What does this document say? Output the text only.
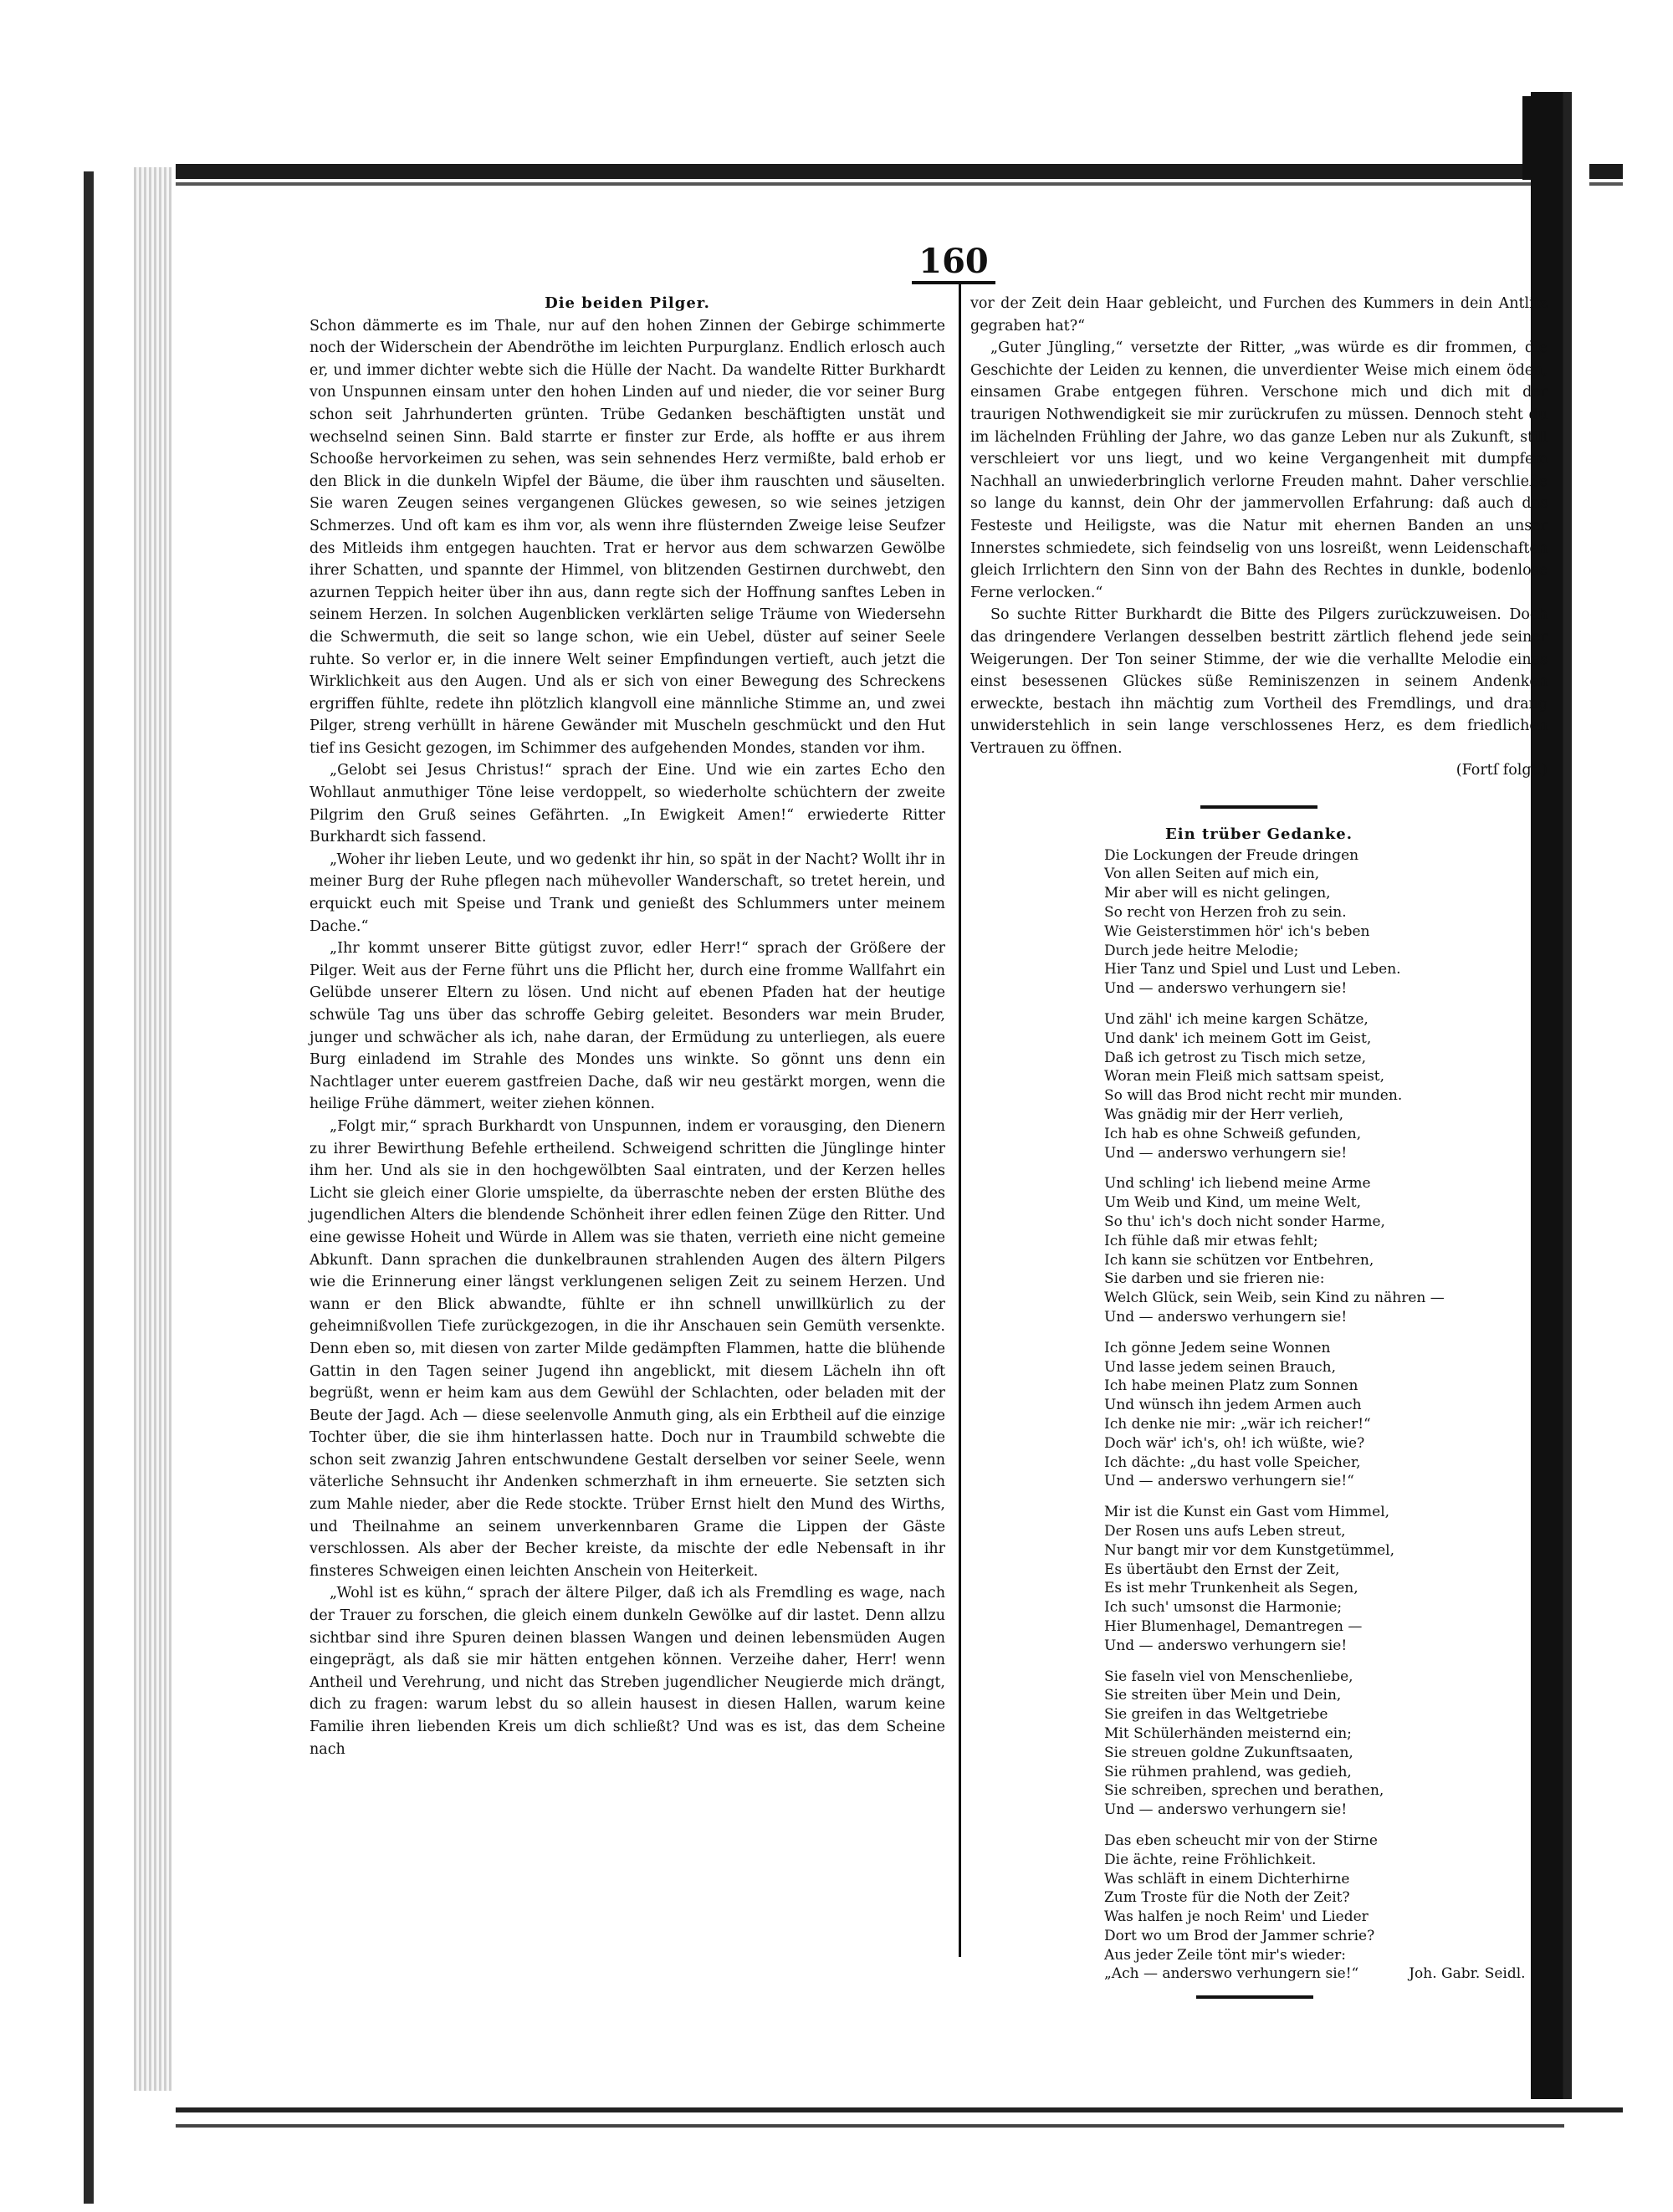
160

Die beiden Pilger.

Schon dämmerte es im Thale, nur auf den hohen Zinnen der Gebirge schimmerte noch der Widerschein der Abendröthe im leichten Purpurglanz. Endlich erlosch auch er, und immer dichter webte sich die Hülle der Nacht. Da wandelte Ritter Burkhardt von Unspunnen einsam unter den hohen Linden auf und nieder, die vor seiner Burg schon seit Jahrhunderten grünten. Trübe Gedanken beschäftigten unstät und wechselnd seinen Sinn. Bald starrte er finster zur Erde, als hoffte er aus ihrem Schooße hervorkeimen zu sehen, was sein sehnendes Herz vermißte, bald erhob er den Blick in die dunkeln Wipfel der Bäume, die über ihm rauschten und säuselten. Sie waren Zeugen seines vergangenen Glückes gewesen, so wie seines jetzigen Schmerzes. Und oft kam es ihm vor, als wenn ihre flüsternden Zweige leise Seufzer des Mitleids ihm entgegen hauchten. Trat er hervor aus dem schwarzen Gewölbe ihrer Schatten, und spannte der Himmel, von blitzenden Gestirnen durchwebt, den azurnen Teppich heiter über ihn aus, dann regte sich der Hoffnung sanftes Leben in seinem Herzen. In solchen Augenblicken verklärten selige Träume von Wiedersehn die Schwermuth, die seit so lange schon, wie ein Uebel, düster auf seiner Seele ruhte. So verlor er, in die innere Welt seiner Empfindungen vertieft, auch jetzt die Wirklichkeit aus den Augen. Und als er sich von einer Bewegung des Schreckens ergriffen fühlte, redete ihn plötzlich klangvoll eine männliche Stimme an, und zwei Pilger, streng verhüllt in härene Gewänder mit Muscheln geschmückt und den Hut tief ins Gesicht gezogen, im Schimmer des aufgehenden Mondes, standen vor ihm.

„Gelobt sei Jesus Christus!“ sprach der Eine. Und wie ein zartes Echo den Wohllaut anmuthiger Töne leise verdoppelt, so wiederholte schüchtern der zweite Pilgrim den Gruß seines Gefährten. „In Ewigkeit Amen!“ erwiederte Ritter Burkhardt sich fassend.

„Woher ihr lieben Leute, und wo gedenkt ihr hin, so spät in der Nacht? Wollt ihr in meiner Burg der Ruhe pflegen nach mühevoller Wanderschaft, so tretet herein, und erquickt euch mit Speise und Trank und genießt des Schlummers unter meinem Dache.“

„Ihr kommt unserer Bitte gütigst zuvor, edler Herr!“ sprach der Größere der Pilger. Weit aus der Ferne führt uns die Pflicht her, durch eine fromme Wallfahrt ein Gelübde unserer Eltern zu lösen. Und nicht auf ebenen Pfaden hat der heutige schwüle Tag uns über das schroffe Gebirg geleitet. Besonders war mein Bruder, junger und schwächer als ich, nahe daran, der Ermüdung zu unterliegen, als euere Burg einladend im Strahle des Mondes uns winkte. So gönnt uns denn ein Nachtlager unter euerem gastfreien Dache, daß wir neu gestärkt morgen, wenn die heilige Frühe dämmert, weiter ziehen können.

„Folgt mir,“ sprach Burkhardt von Unspunnen, indem er vorausging, den Dienern zu ihrer Bewirthung Befehle ertheilend. Schweigend schritten die Jünglinge hinter ihm her. Und als sie in den hochgewölbten Saal eintraten, und der Kerzen helles Licht sie gleich einer Glorie umspielte, da überraschte neben der ersten Blüthe des jugendlichen Alters die blendende Schönheit ihrer edlen feinen Züge den Ritter. Und eine gewisse Hoheit und Würde in Allem was sie thaten, verrieth eine nicht gemeine Abkunft. Dann sprachen die dunkelbraunen strahlenden Augen des ältern Pilgers wie die Erinnerung einer längst verklungenen seligen Zeit zu seinem Herzen. Und wann er den Blick abwandte, fühlte er ihn schnell unwillkürlich zu der geheimnißvollen Tiefe zurückgezogen, in die ihr Anschauen sein Gemüth versenkte. Denn eben so, mit diesen von zarter Milde gedämpften Flammen, hatte die blühende Gattin in den Tagen seiner Jugend ihn angeblickt, mit diesem Lächeln ihn oft begrüßt, wenn er heim kam aus dem Gewühl der Schlachten, oder beladen mit der Beute der Jagd. Ach — diese seelenvolle Anmuth ging, als ein Erbtheil auf die einzige Tochter über, die sie ihm hinterlassen hatte. Doch nur in Traumbild schwebte die schon seit zwanzig Jahren entschwundene Gestalt derselben vor seiner Seele, wenn väterliche Sehnsucht ihr Andenken schmerzhaft in ihm erneuerte. Sie setzten sich zum Mahle nieder, aber die Rede stockte. Trüber Ernst hielt den Mund des Wirths, und Theilnahme an seinem unverkennbaren Grame die Lippen der Gäste verschlossen. Als aber der Becher kreiste, da mischte der edle Nebensaft in ihr finsteres Schweigen einen leichten Anschein von Heiterkeit.

„Wohl ist es kühn,“ sprach der ältere Pilger, daß ich als Fremdling es wage, nach der Trauer zu forschen, die gleich einem dunkeln Gewölke auf dir lastet. Denn allzu sichtbar sind ihre Spuren deinen blassen Wangen und deinen lebensmüden Augen eingeprägt, als daß sie mir hätten entgehen können. Verzeihe daher, Herr! wenn Antheil und Verehrung, und nicht das Streben jugendlicher Neugierde mich drängt, dich zu fragen: warum lebst du so allein hausest in diesen Hallen, warum keine Familie ihren liebenden Kreis um dich schließt? Und was es ist, das dem Scheine nach

vor der Zeit dein Haar gebleicht, und Furchen des Kummers in dein Antlitz gegraben hat?“

„Guter Jüngling,“ versetzte der Ritter, „was würde es dir frommen, die Geschichte der Leiden zu kennen, die unverdienter Weise mich einem öden, einsamen Grabe entgegen führen. Verschone mich und dich mit der traurigen Nothwendigkeit sie mir zurückrufen zu müssen. Dennoch steht du im lächelnden Frühling der Jahre, wo das ganze Leben nur als Zukunft, still verschleiert vor uns liegt, und wo keine Vergangenheit mit dumpfem Nachhall an unwiederbringlich verlorne Freuden mahnt. Daher verschließe so lange du kannst, dein Ohr der jammervollen Erfahrung: daß auch das Festeste und Heiligste, was die Natur mit ehernen Banden an unser Innerstes schmiedete, sich feindselig von uns losreißt, wenn Leidenschaften gleich Irrlichtern den Sinn von der Bahn des Rechtes in dunkle, bodenlose Ferne verlocken.“

So suchte Ritter Burkhardt die Bitte des Pilgers zurückzuweisen. Doch das dringendere Verlangen desselben bestritt zärtlich flehend jede seiner Weigerungen. Der Ton seiner Stimme, der wie die verhallte Melodie eines einst besessenen Glückes süße Reminiszenzen in seinem Andenken erweckte, bestach ihn mächtig zum Vortheil des Fremdlings, und drang unwiderstehlich in sein lange verschlossenes Herz, es dem friedlichen Vertrauen zu öffnen.

(Fortſ folgt.)

Ein trüber Gedanke.

Die Lockungen der Freude dringen
Von allen Seiten auf mich ein,
Mir aber will es nicht gelingen,
So recht von Herzen froh zu sein.
Wie Geisterstimmen hör' ich's beben
Durch jede heitre Melodie;
Hier Tanz und Spiel und Lust und Leben.
Und — anderswo verhungern sie!
Und zähl' ich meine kargen Schätze,
Und dank' ich meinem Gott im Geist,
Daß ich getrost zu Tisch mich setze,
Woran mein Fleiß mich sattsam speist,
So will das Brod nicht recht mir munden.
Was gnädig mir der Herr verlieh,
Ich hab es ohne Schweiß gefunden,
Und — anderswo verhungern sie!
Und schling' ich liebend meine Arme
Um Weib und Kind, um meine Welt,
So thu' ich's doch nicht sonder Harme,
Ich fühle daß mir etwas fehlt;
Ich kann sie schützen vor Entbehren,
Sie darben und sie frieren nie:
Welch Glück, sein Weib, sein Kind zu nähren —
Und — anderswo verhungern sie!
Ich gönne Jedem seine Wonnen
Und lasse jedem seinen Brauch,
Ich habe meinen Platz zum Sonnen
Und wünsch ihn jedem Armen auch
Ich denke nie mir: „wär ich reicher!“
Doch wär' ich's, oh! ich wüßte, wie?
Ich dächte: „du hast volle Speicher,
Und — anderswo verhungern sie!“
Mir ist die Kunst ein Gast vom Himmel,
Der Rosen uns aufs Leben streut,
Nur bangt mir vor dem Kunstgetümmel,
Es übertäubt den Ernst der Zeit,
Es ist mehr Trunkenheit als Segen,
Ich such' umsonst die Harmonie;
Hier Blumenhagel, Demantregen —
Und — anderswo verhungern sie!
Sie faseln viel von Menschenliebe,
Sie streiten über Mein und Dein,
Sie greifen in das Weltgetriebe
Mit Schülerhänden meisternd ein;
Sie streuen goldne Zukunftsaaten,
Sie rühmen prahlend, was gedieh,
Sie schreiben, sprechen und berathen,
Und — anderswo verhungern sie!
Das eben scheucht mir von der Stirne
Die ächte, reine Fröhlichkeit.
Was schläft in einem Dichterhirne
Zum Troste für die Noth der Zeit?
Was halfen je noch Reim' und Lieder
Dort wo um Brod der Jammer schrie?
Aus jeder Zeile tönt mir's wieder:
„Ach — anderswo verhungern sie!“	Joh. Gabr. Seidl.
